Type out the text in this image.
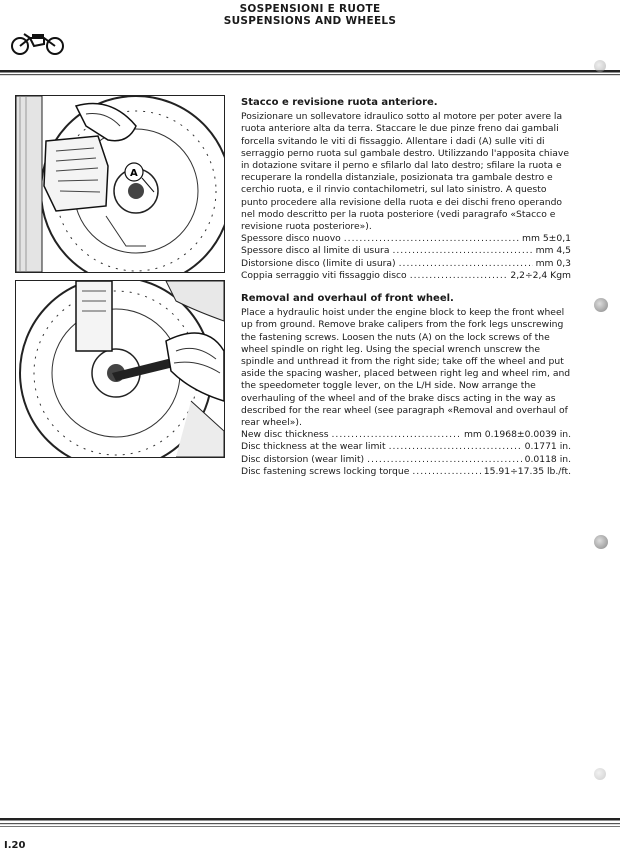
SOSPENSIONI E RUOTE
SUSPENSIONS AND WHEELS
A
Stacco e revisione ruota anteriore.

Posizionare un sollevatore idraulico sotto al motore per poter avere la ruota anteriore alta da terra. Staccare le due pinze freno dai gambali forcella svitando le viti di fissaggio. Allentare i dadi (A) sulle viti di serraggio perno ruota sul gambale destro. Utilizzando l'apposita chiave in dotazione svitare il perno e sfilarlo dal lato destro; sfilare la ruota e recuperare la rondella distanziale, posizionata tra gambale destro e cerchio ruota, e il rinvio contachilometri, sul lato sinistro. A questo punto procedere alla revisione della ruota e dei dischi freno operando nel modo descritto per la ruota posteriore (vedi paragrafo «Stacco e revisione ruota posteriore»).

Spessore disco nuovo .....	mm 5±0,1
Spessore disco al limite di usura .....	mm 4,5
Distorsione disco (limite di usura) .....	mm 0,3
Coppia serraggio viti fissaggio disco .....	2,2÷2,4 Kgm
Removal and overhaul of front wheel.

Place a hydraulic hoist under the engine block to keep the front wheel up from ground. Remove brake calipers from the fork legs unscrewing the fastening screws. Loosen the nuts (A) on the lock screws of the wheel spindle on right leg. Using the special wrench unscrew the spindle and unthread it from the right side; take off the wheel and put aside the spacing washer, placed between right leg and wheel rim, and the speedometer toggle lever, on the L/H side. Now arrange the overhauling of the wheel and of the brake discs acting in the way as described for the rear wheel (see paragraph «Removal and overhaul of rear wheel»).

New disc thickness .....	mm 0.1968±0.0039 in.
Disc thickness at the wear limit .....	0.1771 in.
Disc distorsion (wear limit) .....	0.0118 in.
Disc fastening screws locking torque .....	15.91÷17.35 lb./ft.
I.20
